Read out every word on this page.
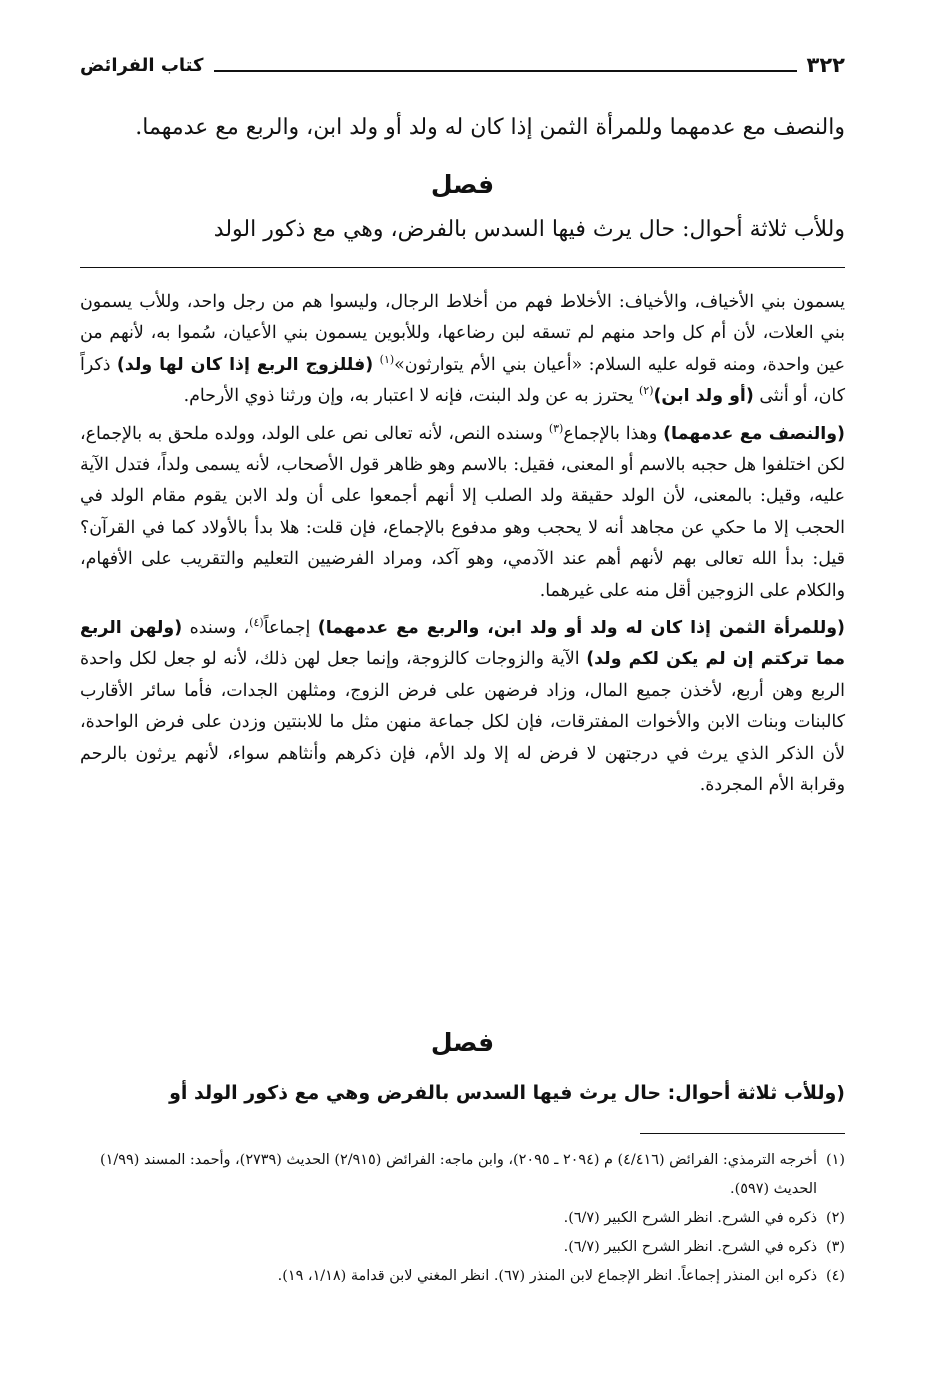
٣٢٢
كتاب الفرائض
والنصف مع عدمهما وللمرأة الثمن إذا كان له ولد أو ولد ابن، والربع مع عدمهما.
فصل
وللأب ثلاثة أحوال: حال يرث فيها السدس بالفرض، وهي مع ذكور الولد

يسمون بني الأخياف، والأخياف: الأخلاط فهم من أخلاط الرجال، وليسوا هم من رجل واحد، وللأب يسمون بني العلات، لأن أم كل واحد منهم لم تسقه لبن رضاعها، وللأبوين يسمون بني الأعيان، سُموا به، لأنهم من عين واحدة، ومنه قوله عليه السلام: «أعيان بني الأم يتوارثون»$^{(١)}$ (فللزوج الربع إذا كان لها ولد) ذكراً كان، أو أنثى (أو ولد ابن)$^{(٢)}$ يحترز به عن ولد البنت، فإنه لا اعتبار به، وإن ورثنا ذوي الأرحام.

(والنصف مع عدمهما) وهذا بالإجماع$^{(٣)}$ وسنده النص، لأنه تعالى نص على الولد، وولده ملحق به بالإجماع، لكن اختلفوا هل حجبه بالاسم أو المعنى، فقيل: بالاسم وهو ظاهر قول الأصحاب، لأنه يسمى ولداً، فتدل الآية عليه، وقيل: بالمعنى، لأن الولد حقيقة ولد الصلب إلا أنهم أجمعوا على أن ولد الابن يقوم مقام الولد في الحجب إلا ما حكي عن مجاهد أنه لا يحجب وهو مدفوع بالإجماع، فإن قلت: هلا بدأ بالأولاد كما في القرآن؟ قيل: بدأ الله تعالى بهم لأنهم أهم عند الآدمي، وهو آكد، ومراد الفرضيين التعليم والتقريب على الأفهام، والكلام على الزوجين أقل منه على غيرهما.

(وللمرأة الثمن إذا كان له ولد أو ولد ابن، والربع مع عدمهما) إجماعاً$^{(٤)}$، وسنده (ولهن الربع مما تركتم إن لم يكن لكم ولد) الآية والزوجات كالزوجة، وإنما جعل لهن ذلك، لأنه لو جعل لكل واحدة الربع وهن أربع، لأخذن جميع المال، وزاد فرضهن على فرض الزوج، ومثلهن الجدات، فأما سائر الأقارب كالبنات وبنات الابن والأخوات المفترقات، فإن لكل جماعة منهن مثل ما للابنتين وزدن على فرض الواحدة، لأن الذكر الذي يرث في درجتهن لا فرض له إلا ولد الأم، فإن ذكرهم وأنثاهم سواء، لأنهم يرثون بالرحم وقرابة الأم المجردة.

فصل
(وللأب ثلاثة أحوال: حال يرث فيها السدس بالفرض وهي مع ذكور الولد أو
(١)
أخرجه الترمذي: الفرائض (٤/٤١٦) م (٢٠٩٤ ـ ٢٠٩٥)، وابن ماجه: الفرائض (٢/٩١٥) الحديث (٢٧٣٩)، وأحمد: المسند (١/٩٩) الحديث (٥٩٧).
(٢)
ذكره في الشرح. انظر الشرح الكبير (٦/٧).
(٣)
ذكره في الشرح. انظر الشرح الكبير (٦/٧).
(٤)
ذكره ابن المنذر إجماعاً. انظر الإجماع لابن المنذر (٦٧). انظر المغني لابن قدامة (١/١٨، ١٩).
